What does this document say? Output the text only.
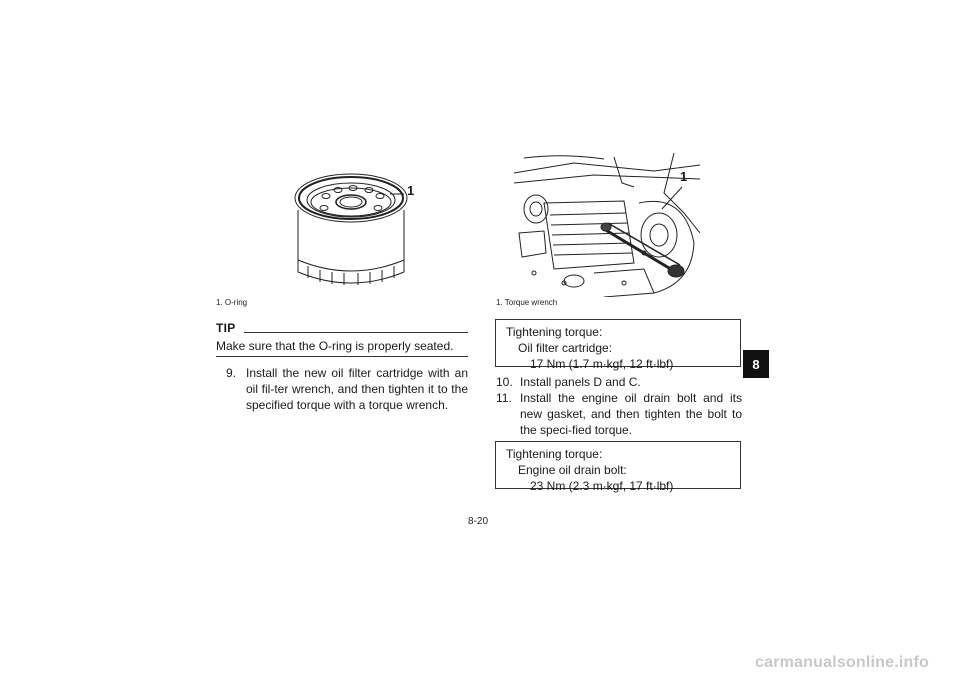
1
1. O-ring
1
1. Torque wrench
TIP
Make sure that the O-ring is properly seated.
9. Install the new oil filter cartridge with an oil fil-ter wrench, and then tighten it to the specified torque with a torque wrench.
Tightening torque:
Oil filter cartridge:
17 Nm (1.7 m·kgf, 12 ft·lbf)
10. Install panels D and C.
11. Install the engine oil drain bolt and its new gasket, and then tighten the bolt to the speci-fied torque.
Tightening torque:
Engine oil drain bolt:
23 Nm (2.3 m·kgf, 17 ft·lbf)
8
8-20
carmanualsonline.info
